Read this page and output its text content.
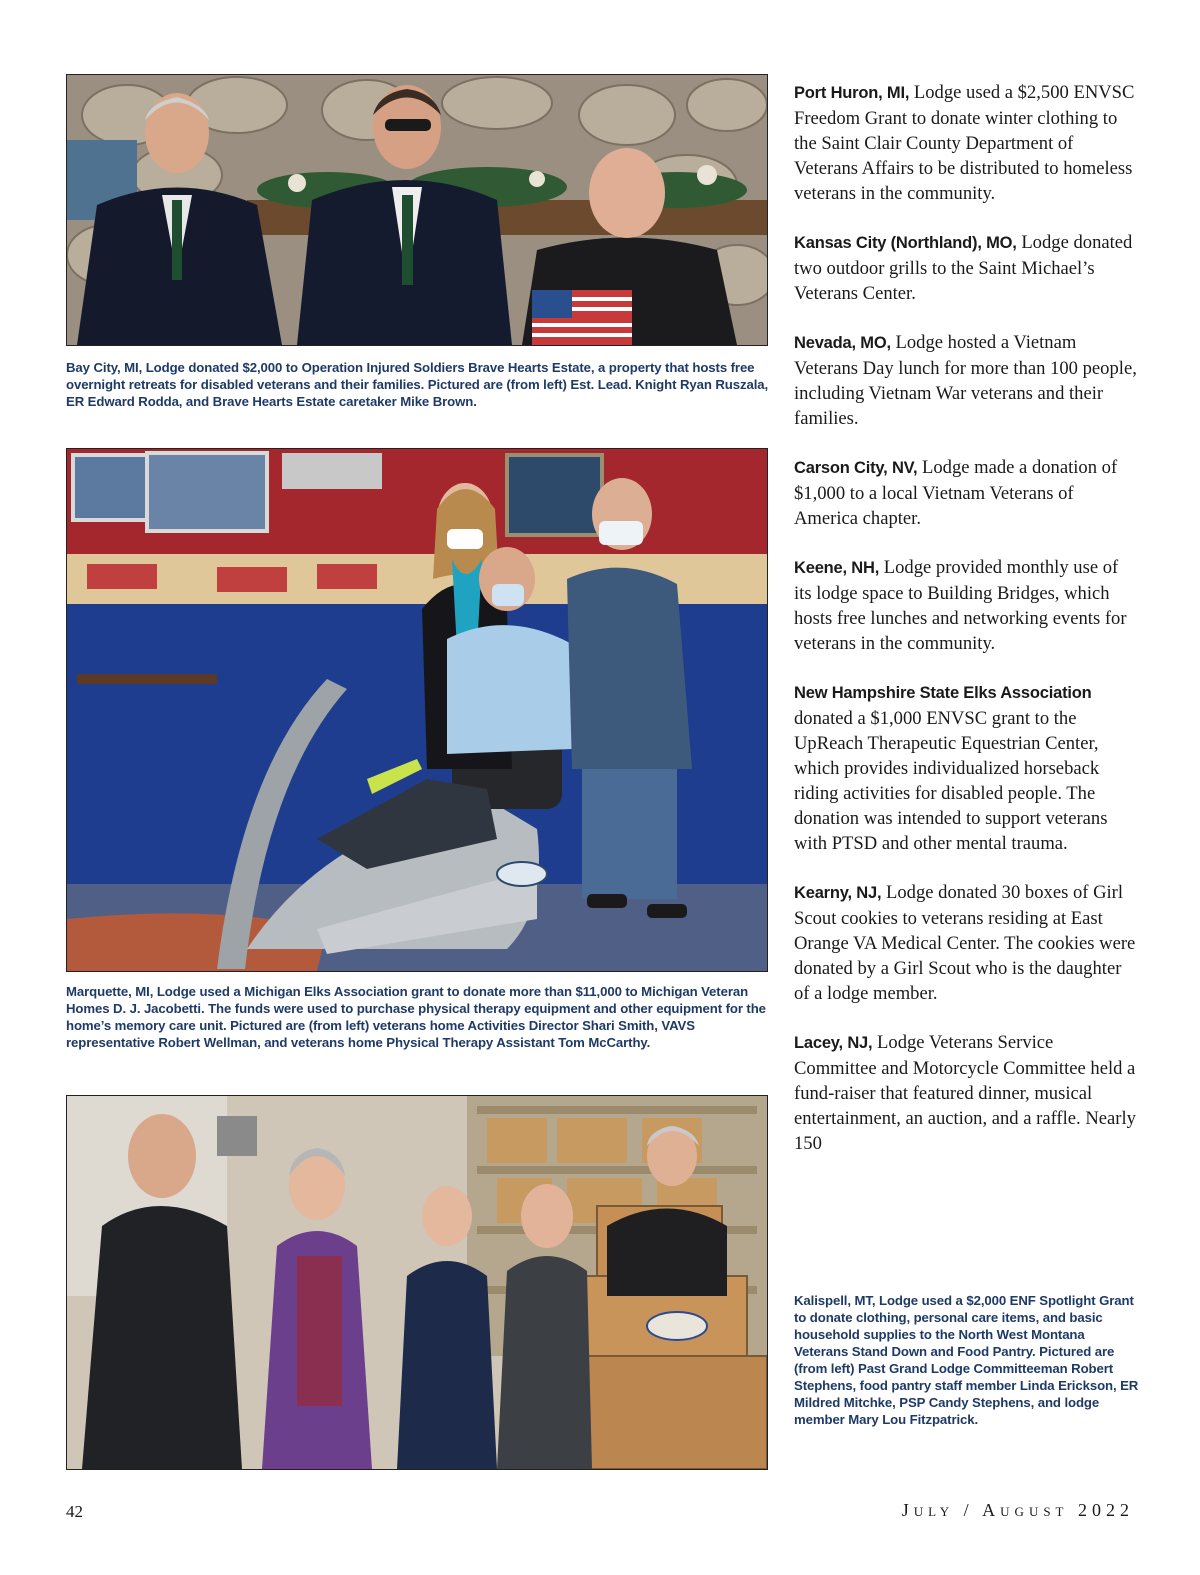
Bay City, MI, Lodge donated $2,000 to Operation Injured Soldiers Brave Hearts Estate, a property that hosts free overnight retreats for disabled veterans and their families. Pictured are (from left) Est. Lead. Knight Ryan Ruszala, ER Edward Rodda, and Brave Hearts Estate caretaker Mike Brown.
Marquette, MI, Lodge used a Michigan Elks Association grant to donate more than $11,000 to Michigan Veteran Homes D. J. Jacobetti. The funds were used to purchase physical therapy equipment and other equipment for the home’s memory care unit. Pictured are (from left) veterans home Activities Director Shari Smith, VAVS representative Robert Wellman, and veterans home Physical Therapy Assistant Tom McCarthy.

Port Huron, MI, Lodge used a $2,500 ENVSC Freedom Grant to donate winter clothing to the Saint Clair County Department of Veterans Affairs to be distributed to homeless veterans in the community.

Kansas City (Northland), MO, Lodge donated two outdoor grills to the Saint Michael’s Veterans Center.

Nevada, MO, Lodge hosted a Vietnam Veterans Day lunch for more than 100 people, including Vietnam War veterans and their families.

Carson City, NV, Lodge made a donation of $1,000 to a local Vietnam Veterans of America chapter.

Keene, NH, Lodge provided monthly use of its lodge space to Building Bridges, which hosts free lunches and networking events for veterans in the community.

New Hampshire State Elks Association donated a $1,000 ENVSC grant to the UpReach Therapeutic Equestrian Center, which provides individualized horseback riding activities for disabled people. The donation was intended to support veterans with PTSD and other mental trauma.

Kearny, NJ, Lodge donated 30 boxes of Girl Scout cookies to veterans residing at East Orange VA Medical Center. The cookies were donated by a Girl Scout who is the daughter of a lodge member.

Lacey, NJ, Lodge Veterans Service Committee and Motorcycle Committee held a fund-raiser that featured dinner, musical entertainment, an auction, and a raffle. Nearly 150

Kalispell, MT, Lodge used a $2,000 ENF Spotlight Grant to donate clothing, personal care items, and basic household supplies to the North West Montana Veterans Stand Down and Food Pantry. Pictured are (from left) Past Grand Lodge Committeeman Robert Stephens, food pantry staff member Linda Erickson, ER Mildred Mitchke, PSP Candy Stephens, and lodge member Mary Lou Fitzpatrick.
42	July / August 2022
